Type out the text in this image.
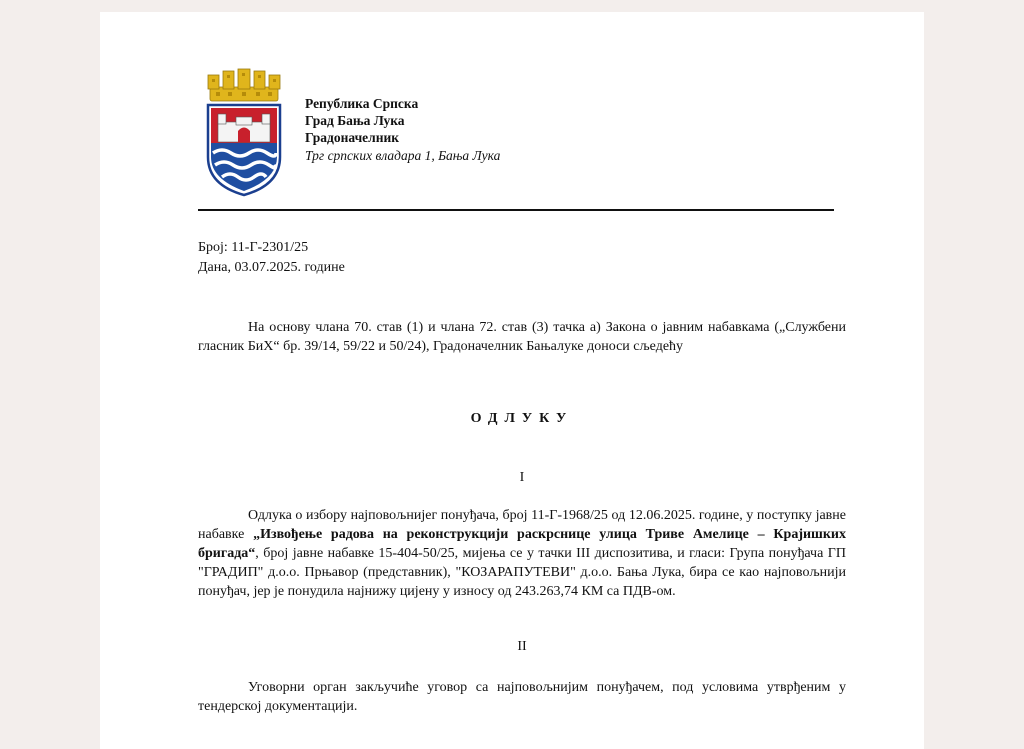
Република Српска
Град Бања Лука
Градоначелник
Трг српских владара 1, Бања Лука
Број: 11-Г-2301/25
Дана, 03.07.2025. године
На основу члана 70. став (1) и члана 72. став (3) тачка а) Закона о јавним набавкама („Службени гласник БиХ“ бр. 39/14, 59/22 и 50/24), Градоначелник Бањалуке доноси сљедећу
ОДЛУКУ
I
Одлука о избору најповољнијег понуђача, број 11-Г-1968/25 од 12.06.2025. године, у поступку јавне набавке „Извођење радова на реконструкцији раскрснице улица Триве Амелице – Крајишких бригада“, број јавне набавке 15-404-50/25, мијења се у тачки III диспозитива, и гласи: Група понуђача ГП "ГРАДИП" д.о.о. Прњавор (представник), "КОЗАРАПУТЕВИ" д.о.о. Бања Лука, бира се као најповољнији понуђач, јер је понудила најнижу цијену у износу од 243.263,74 КМ са ПДВ-ом.
II
Уговорни орган закључиће уговор са најповољнијим понуђачем, под условима утврђеним у тендерској документацији.
